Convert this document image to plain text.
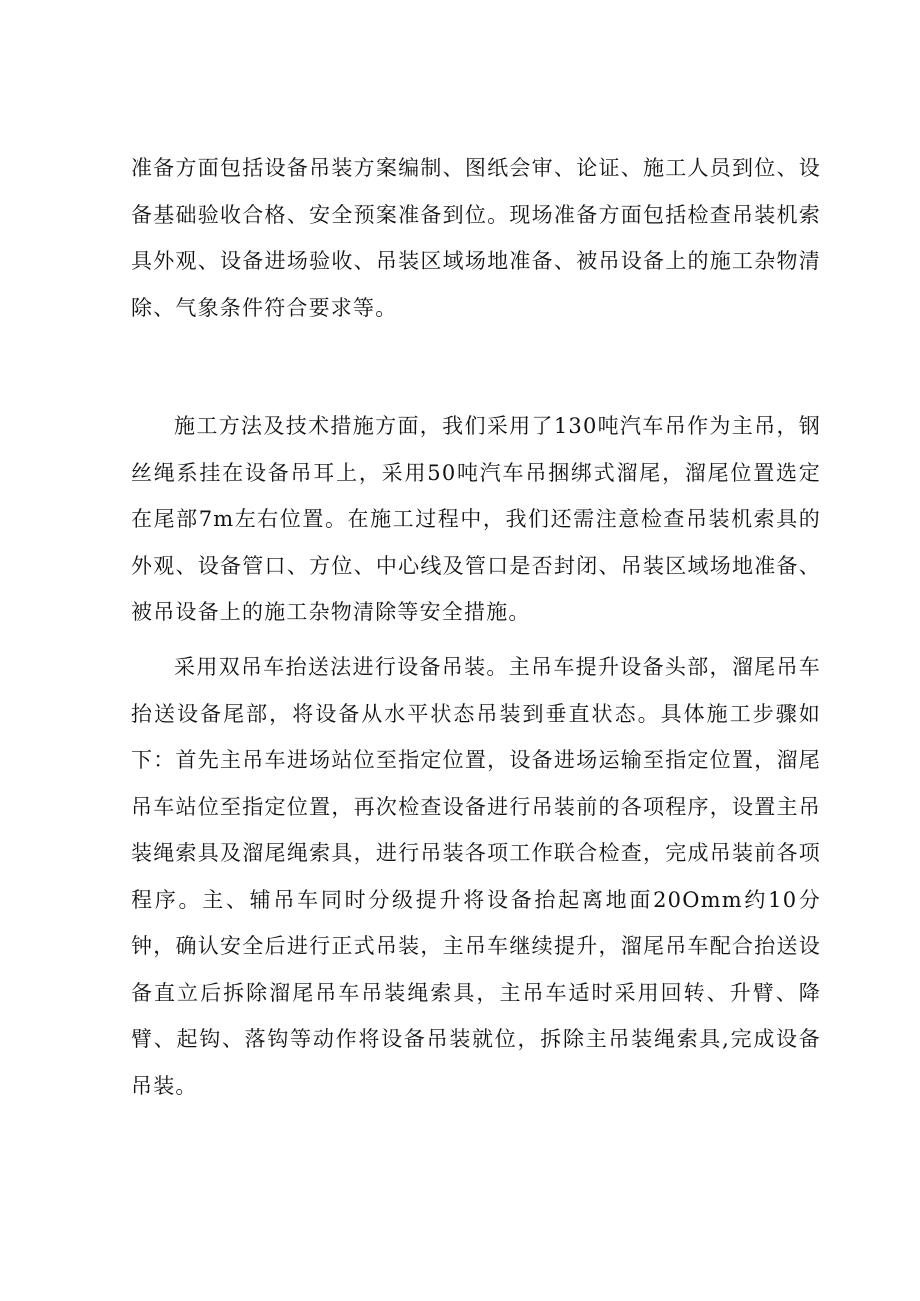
准备方面包括设备吊装方案编制、图纸会审、论证、施工人员到位、设备基础验收合格、安全预案准备到位。现场准备方面包括检查吊装机索具外观、设备进场验收、吊装区域场地准备、被吊设备上的施工杂物清除、气象条件符合要求等。

施工方法及技术措施方面，我们采用了130吨汽车吊作为主吊，钢丝绳系挂在设备吊耳上，采用50吨汽车吊捆绑式溜尾，溜尾位置选定在尾部7m左右位置。在施工过程中，我们还需注意检查吊装机索具的外观、设备管口、方位、中心线及管口是否封闭、吊装区域场地准备、被吊设备上的施工杂物清除等安全措施。

采用双吊车抬送法进行设备吊装。主吊车提升设备头部，溜尾吊车抬送设备尾部，将设备从水平状态吊装到垂直状态。具体施工步骤如下：首先主吊车进场站位至指定位置，设备进场运输至指定位置，溜尾吊车站位至指定位置，再次检查设备进行吊装前的各项程序，设置主吊装绳索具及溜尾绳索具，进行吊装各项工作联合检查，完成吊装前各项程序。主、辅吊车同时分级提升将设备抬起离地面20Omm约10分钟，确认安全后进行正式吊装，主吊车继续提升，溜尾吊车配合抬送设备直立后拆除溜尾吊车吊装绳索具，主吊车适时采用回转、升臂、降臂、起钩、落钩等动作将设备吊装就位，拆除主吊装绳索具,完成设备吊装。
